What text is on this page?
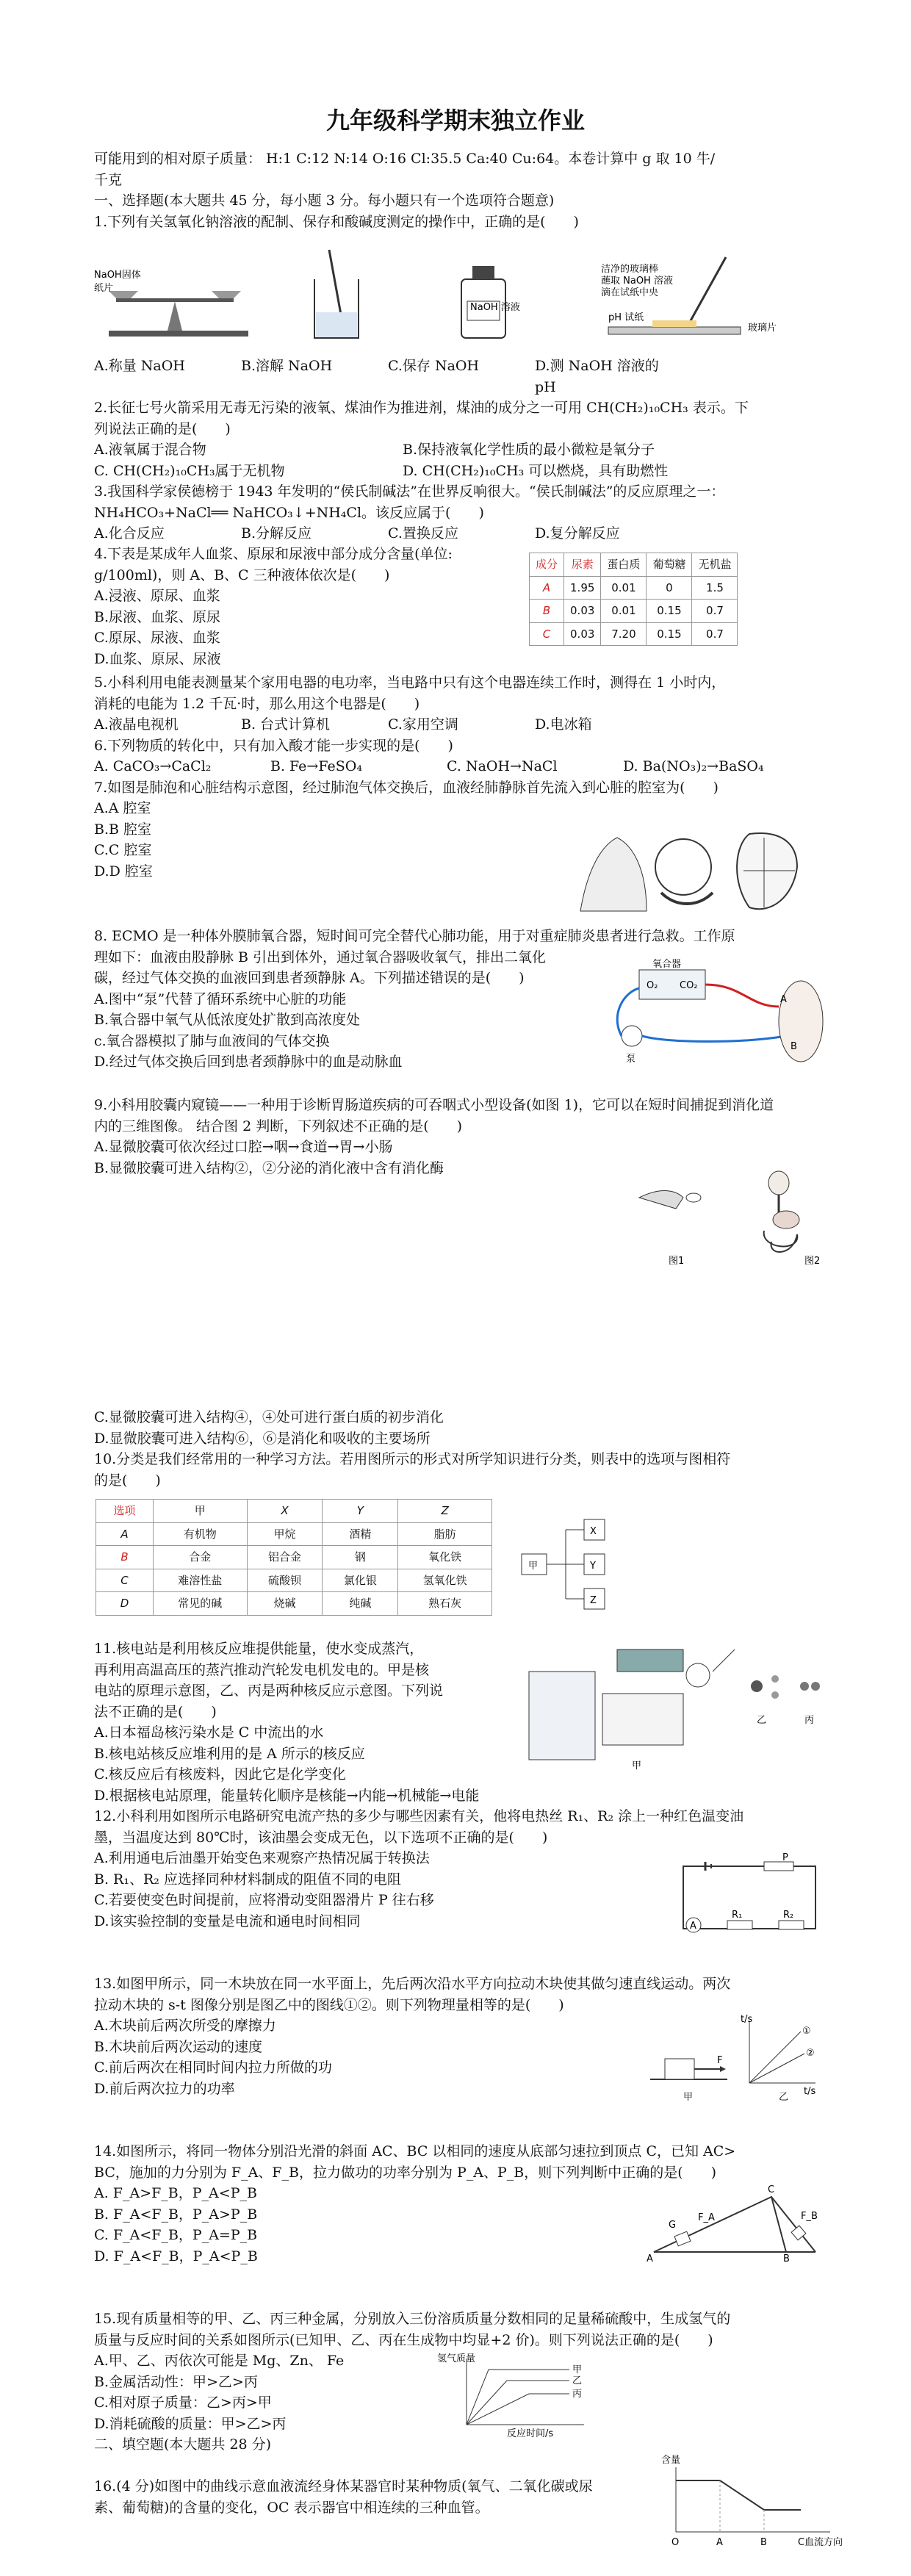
九年级科学期末独立作业

可能用到的相对原子质量： H:1 C:12 N:14 O:16 Cl:35.5 Ca:40 Cu:64。本卷计算中 g 取 10 牛/

千克

一、选择题(本大题共 45 分，每小题 3 分。每小题只有一个选项符合题意)

1.下列有关氢氧化钠溶液的配制、保存和酸碱度测定的操作中，正确的是(　　)

NaOH固体
纸片
NaOH 溶液
洁净的玻璃棒
蘸取 NaOH 溶液
滴在试纸中央
pH 试纸
玻璃片
A.称量 NaOH	B.溶解 NaOH	C.保存 NaOH	D.测 NaOH 溶液的 pH

2.长征七号火箭采用无毒无污染的液氧、煤油作为推进剂，煤油的成分之一可用 CH(CH₂)₁₀CH₃ 表示。下

列说法正确的是(　　)

A.液氧属于混合物	B.保持液氧化学性质的最小微粒是氧分子
C. CH(CH₂)₁₀CH₃属于无机物	D. CH(CH₂)₁₀CH₃ 可以燃烧，具有助燃性

3.我国科学家侯德榜于 1943 年发明的“侯氏制碱法”在世界反响很大。“侯氏制碱法”的反应原理之一：

NH₄HCO₃+NaCl══ NaHCO₃↓+NH₄Cl。该反应属于(　　)

A.化合反应	B.分解反应	C.置换反应	D.复分解反应

4.下表是某成年人血浆、原尿和尿液中部分成分含量(单位:

g/100ml)，则 A、B、C 三种液体依次是(　　)

A.浸液、原尿、血浆

B.尿液、血浆、原尿

C.原尿、尿液、血浆

D.血浆、原尿、尿液

成分	尿素	蛋白质	葡萄糖	无机盐
A	1.95	0.01	0	1.5
B	0.03	0.01	0.15	0.7
C	0.03	7.20	0.15	0.7

5.小科利用电能表测量某个家用电器的电功率，当电路中只有这个电器连续工作时，测得在 1 小时内，

消耗的电能为 1.2 千瓦·时，那么用这个电器是(　　)

A.液晶电视机	B. 台式计算机	C.家用空调	D.电冰箱

6.下列物质的转化中，只有加入酸才能一步实现的是(　　)

A. CaCO₃→CaCl₂	B. Fe→FeSO₄	C. NaOH→NaCl	D. Ba(NO₃)₂→BaSO₄

7.如图是肺泡和心脏结构示意图，经过肺泡气体交换后，血液经肺静脉首先流入到心脏的腔室为(　　)

A.A 腔室

B.B 腔室

C.C 腔室

D.D 腔室

8. ECMO 是一种体外膜肺氧合器，短时间可完全替代心肺功能，用于对重症肺炎患者进行急救。工作原

理如下：血液由股静脉 B 引出到体外，通过氧合器吸收氧气，排出二氧化

碳，经过气体交换的血液回到患者颈静脉 A。下列描述错误的是(　　)

A.图中“泵”代替了循环系统中心脏的功能

B.氧合器中氧气从低浓度处扩散到高浓度处

c.氧合器模拟了肺与血液间的气体交换

D.经过气体交换后回到患者颈静脉中的血是动脉血

氧合器
O₂ CO₂
泵
A
B

9.小科用胶囊内窥镜——一种用于诊断胃肠道疾病的可吞咽式小型设备(如图 1)，它可以在短时间捕捉到消化道

内的三维图像。 结合图 2 判断，下列叙述不正确的是(　　)

A.显微胶囊可依次经过口腔→咽→食道→胃→小肠

B.显微胶囊可进入结构②，②分泌的消化液中含有消化酶

图1	图2

C.显微胶囊可进入结构④，④处可进行蛋白质的初步消化

D.显微胶囊可进入结构⑥，⑥是消化和吸收的主要场所

10.分类是我们经常用的一种学习方法。若用图所示的形式对所学知识进行分类，则表中的选项与图相符

的是(　　)

选项	甲	X	Y	Z
A	有机物	甲烷	酒精	脂肪
B	合金	铝合金	钢	氧化铁
C	难溶性盐	硫酸钡	氯化银	氢氧化铁
D	常见的碱	烧碱	纯碱	熟石灰
甲
X
Y
Z

11.核电站是利用核反应堆提供能量，使水变成蒸汽，

再利用高温高压的蒸汽推动汽轮发电机发电的。甲是核

电站的原理示意图，乙、丙是两种核反应示意图。下列说

法不正确的是(　　)

A.日本福岛核污染水是 C 中流出的水

B.核电站核反应堆利用的是 A 所示的核反应

C.核反应后有核废料，因此它是化学变化

D.根据核电站原理，能量转化顺序是核能→内能→机械能→电能

甲
乙	丙

12.小科利用如图所示电路研究电流产热的多少与哪些因素有关，他将电热丝 R₁、R₂ 涂上一种红色温变油

墨，当温度达到 80℃时，该油墨会变成无色，以下选项不正确的是(　　)

A.利用通电后油墨开始变色来观察产热情况属于转换法

B. R₁、R₂ 应选择同种材料制成的阻值不同的电阻

C.若要使变色时间提前，应将滑动变阻器滑片 P 往右移

D.该实验控制的变量是电流和通电时间相同

P
A
R₁	R₂

13.如图甲所示，同一木块放在同一水平面上，先后两次沿水平方向拉动木块使其做匀速直线运动。两次

拉动木块的 s-t 图像分别是图乙中的图线①②。则下列物理量相等的是(　　)

A.木块前后两次所受的摩擦力

B.木块前后两次运动的速度

C.前后两次在相同时间内拉力所做的功

D.前后两次拉力的功率

F
甲
t/s
t/s
①
②
乙

14.如图所示，将同一物体分别沿光滑的斜面 AC、BC 以相同的速度从底部匀速拉到顶点 C，已知 AC>

BC，施加的力分别为 F_A、F_B，拉力做功的功率分别为 P_A、P_B，则下列判断中正确的是(　　)

A. F_A>F_B，P_A<P_B

B. F_A<F_B，P_A>P_B

C. F_A<F_B，P_A=P_B

D. F_A<F_B，P_A<P_B	A	B
C
G
F_A	F_B

15.现有质量相等的甲、乙、丙三种金属，分别放入三份溶质质量分数相同的足量稀硫酸中，生成氢气的

质量与反应时间的关系如图所示(已知甲、乙、丙在生成物中均显+2 价)。则下列说法正确的是(　　)

A.甲、乙、丙依次可能是 Mg、Zn、 Fe

B.金属活动性：甲>乙>丙

C.相对原子质量：乙>丙>甲

D.消耗硫酸的质量：甲>乙>丙

二、填空题(本大题共 28 分)

氢气质量
甲
乙
丙
反应时间/s

16.(4 分)如图中的曲线示意血液流经身体某器官时某种物质(氧气、二氧化碳或尿

素、葡萄糖)的含量的变化，OC 表示器官中相连续的三种血管。

含量
O	A	B	C 血流方向
